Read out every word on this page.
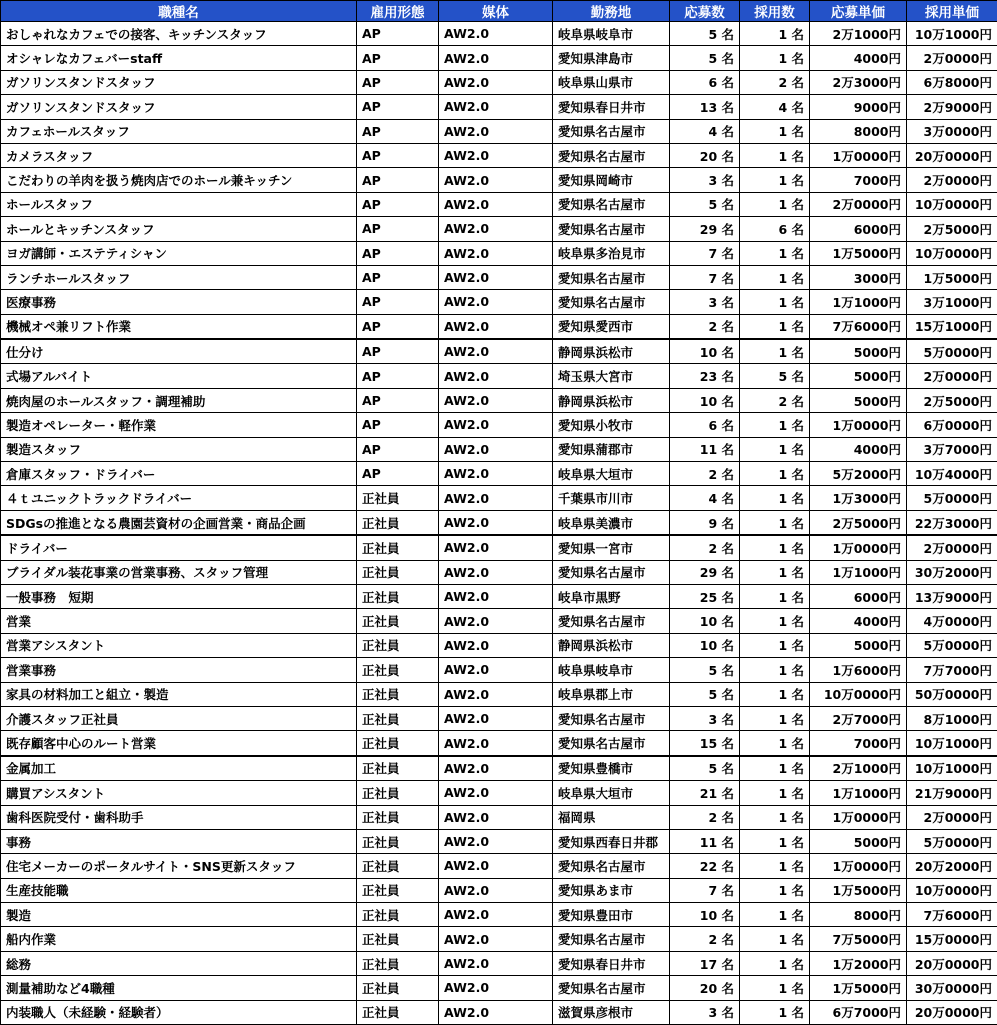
職種名	雇用形態	媒体	勤務地	応募数	採用数	応募単価	採用単価
おしゃれなカフェでの接客、キッチンスタッフ	AP	AW2.0	岐阜県岐阜市	5 名	1 名	2万1000円	10万1000円
オシャレなカフェバーstaff	AP	AW2.0	愛知県津島市	5 名	1 名	4000円	2万0000円
ガソリンスタンドスタッフ	AP	AW2.0	岐阜県山県市	6 名	2 名	2万3000円	6万8000円
ガソリンスタンドスタッフ	AP	AW2.0	愛知県春日井市	13 名	4 名	9000円	2万9000円
カフェホールスタッフ	AP	AW2.0	愛知県名古屋市	4 名	1 名	8000円	3万0000円
カメラスタッフ	AP	AW2.0	愛知県名古屋市	20 名	1 名	1万0000円	20万0000円
こだわりの羊肉を扱う焼肉店でのホール兼キッチン	AP	AW2.0	愛知県岡崎市	3 名	1 名	7000円	2万0000円
ホールスタッフ	AP	AW2.0	愛知県名古屋市	5 名	1 名	2万0000円	10万0000円
ホールとキッチンスタッフ	AP	AW2.0	愛知県名古屋市	29 名	6 名	6000円	2万5000円
ヨガ講師・エステティシャン	AP	AW2.0	岐阜県多治見市	7 名	1 名	1万5000円	10万0000円
ランチホールスタッフ	AP	AW2.0	愛知県名古屋市	7 名	1 名	3000円	1万5000円
医療事務	AP	AW2.0	愛知県名古屋市	3 名	1 名	1万1000円	3万1000円
機械オペ兼リフト作業	AP	AW2.0	愛知県愛西市	2 名	1 名	7万6000円	15万1000円
仕分け	AP	AW2.0	静岡県浜松市	10 名	1 名	5000円	5万0000円
式場アルバイト	AP	AW2.0	埼玉県大宮市	23 名	5 名	5000円	2万0000円
焼肉屋のホールスタッフ・調理補助	AP	AW2.0	静岡県浜松市	10 名	2 名	5000円	2万5000円
製造オペレーター・軽作業	AP	AW2.0	愛知県小牧市	6 名	1 名	1万0000円	6万0000円
製造スタッフ	AP	AW2.0	愛知県蒲郡市	11 名	1 名	4000円	3万7000円
倉庫スタッフ・ドライバー	AP	AW2.0	岐阜県大垣市	2 名	1 名	5万2000円	10万4000円
４ｔユニックトラックドライバー	正社員	AW2.0	千葉県市川市	4 名	1 名	1万3000円	5万0000円
SDGsの推進となる農園芸資材の企画営業・商品企画	正社員	AW2.0	岐阜県美濃市	9 名	1 名	2万5000円	22万3000円
ドライバー	正社員	AW2.0	愛知県一宮市	2 名	1 名	1万0000円	2万0000円
ブライダル装花事業の営業事務、スタッフ管理	正社員	AW2.0	愛知県名古屋市	29 名	1 名	1万1000円	30万2000円
一般事務　短期	正社員	AW2.0	岐阜市黒野	25 名	1 名	6000円	13万9000円
営業	正社員	AW2.0	愛知県名古屋市	10 名	1 名	4000円	4万0000円
営業アシスタント	正社員	AW2.0	静岡県浜松市	10 名	1 名	5000円	5万0000円
営業事務	正社員	AW2.0	岐阜県岐阜市	5 名	1 名	1万6000円	7万7000円
家具の材料加工と組立・製造	正社員	AW2.0	岐阜県郡上市	5 名	1 名	10万0000円	50万0000円
介護スタッフ正社員	正社員	AW2.0	愛知県名古屋市	3 名	1 名	2万7000円	8万1000円
既存顧客中心のルート営業	正社員	AW2.0	愛知県名古屋市	15 名	1 名	7000円	10万1000円
金属加工	正社員	AW2.0	愛知県豊橋市	5 名	1 名	2万1000円	10万1000円
購買アシスタント	正社員	AW2.0	岐阜県大垣市	21 名	1 名	1万1000円	21万9000円
歯科医院受付・歯科助手	正社員	AW2.0	福岡県	2 名	1 名	1万0000円	2万0000円
事務	正社員	AW2.0	愛知県西春日井郡	11 名	1 名	5000円	5万0000円
住宅メーカーのポータルサイト・SNS更新スタッフ	正社員	AW2.0	愛知県名古屋市	22 名	1 名	1万0000円	20万2000円
生産技能職	正社員	AW2.0	愛知県あま市	7 名	1 名	1万5000円	10万0000円
製造	正社員	AW2.0	愛知県豊田市	10 名	1 名	8000円	7万6000円
船内作業	正社員	AW2.0	愛知県名古屋市	2 名	1 名	7万5000円	15万0000円
総務	正社員	AW2.0	愛知県春日井市	17 名	1 名	1万2000円	20万0000円
測量補助など4職種	正社員	AW2.0	愛知県名古屋市	20 名	1 名	1万5000円	30万0000円
内装職人（未経験・経験者）	正社員	AW2.0	滋賀県彦根市	3 名	1 名	6万7000円	20万0000円
